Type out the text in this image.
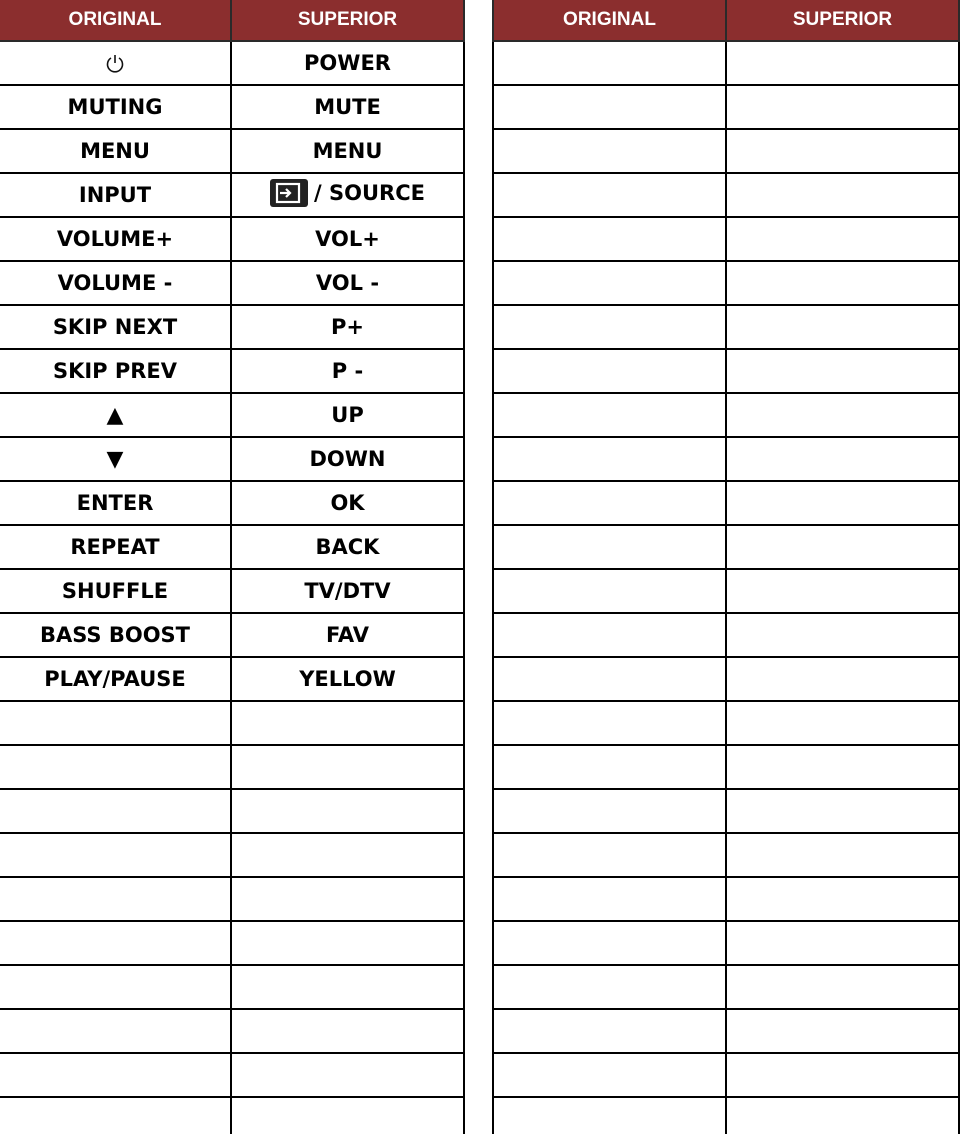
ORIGINAL	SUPERIOR
	POWER
MUTING	MUTE
MENU	MENU
INPUT	/ SOURCE

VOLUME+	VOL+
VOLUME -	VOL -
SKIP NEXT	P+
SKIP PREV	P -
▲	UP
▼	DOWN
ENTER	OK
REPEAT	BACK
SHUFFLE	TV/DTV
BASS BOOST	FAV
PLAY/PAUSE	YELLOW

ORIGINAL	SUPERIOR
